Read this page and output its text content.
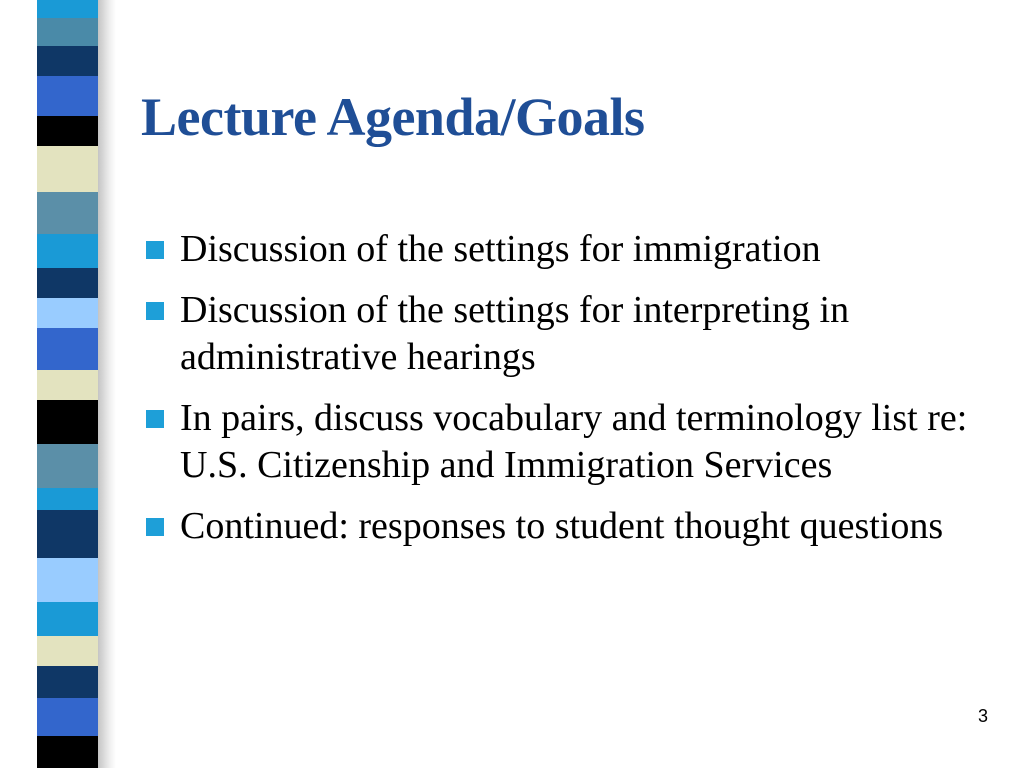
Lecture Agenda/Goals
Discussion of the settings for immigration
Discussion of the settings for interpreting in administrative hearings
In pairs, discuss vocabulary and terminology list re: U.S. Citizenship and Immigration Services
Continued: responses to student thought questions
3
